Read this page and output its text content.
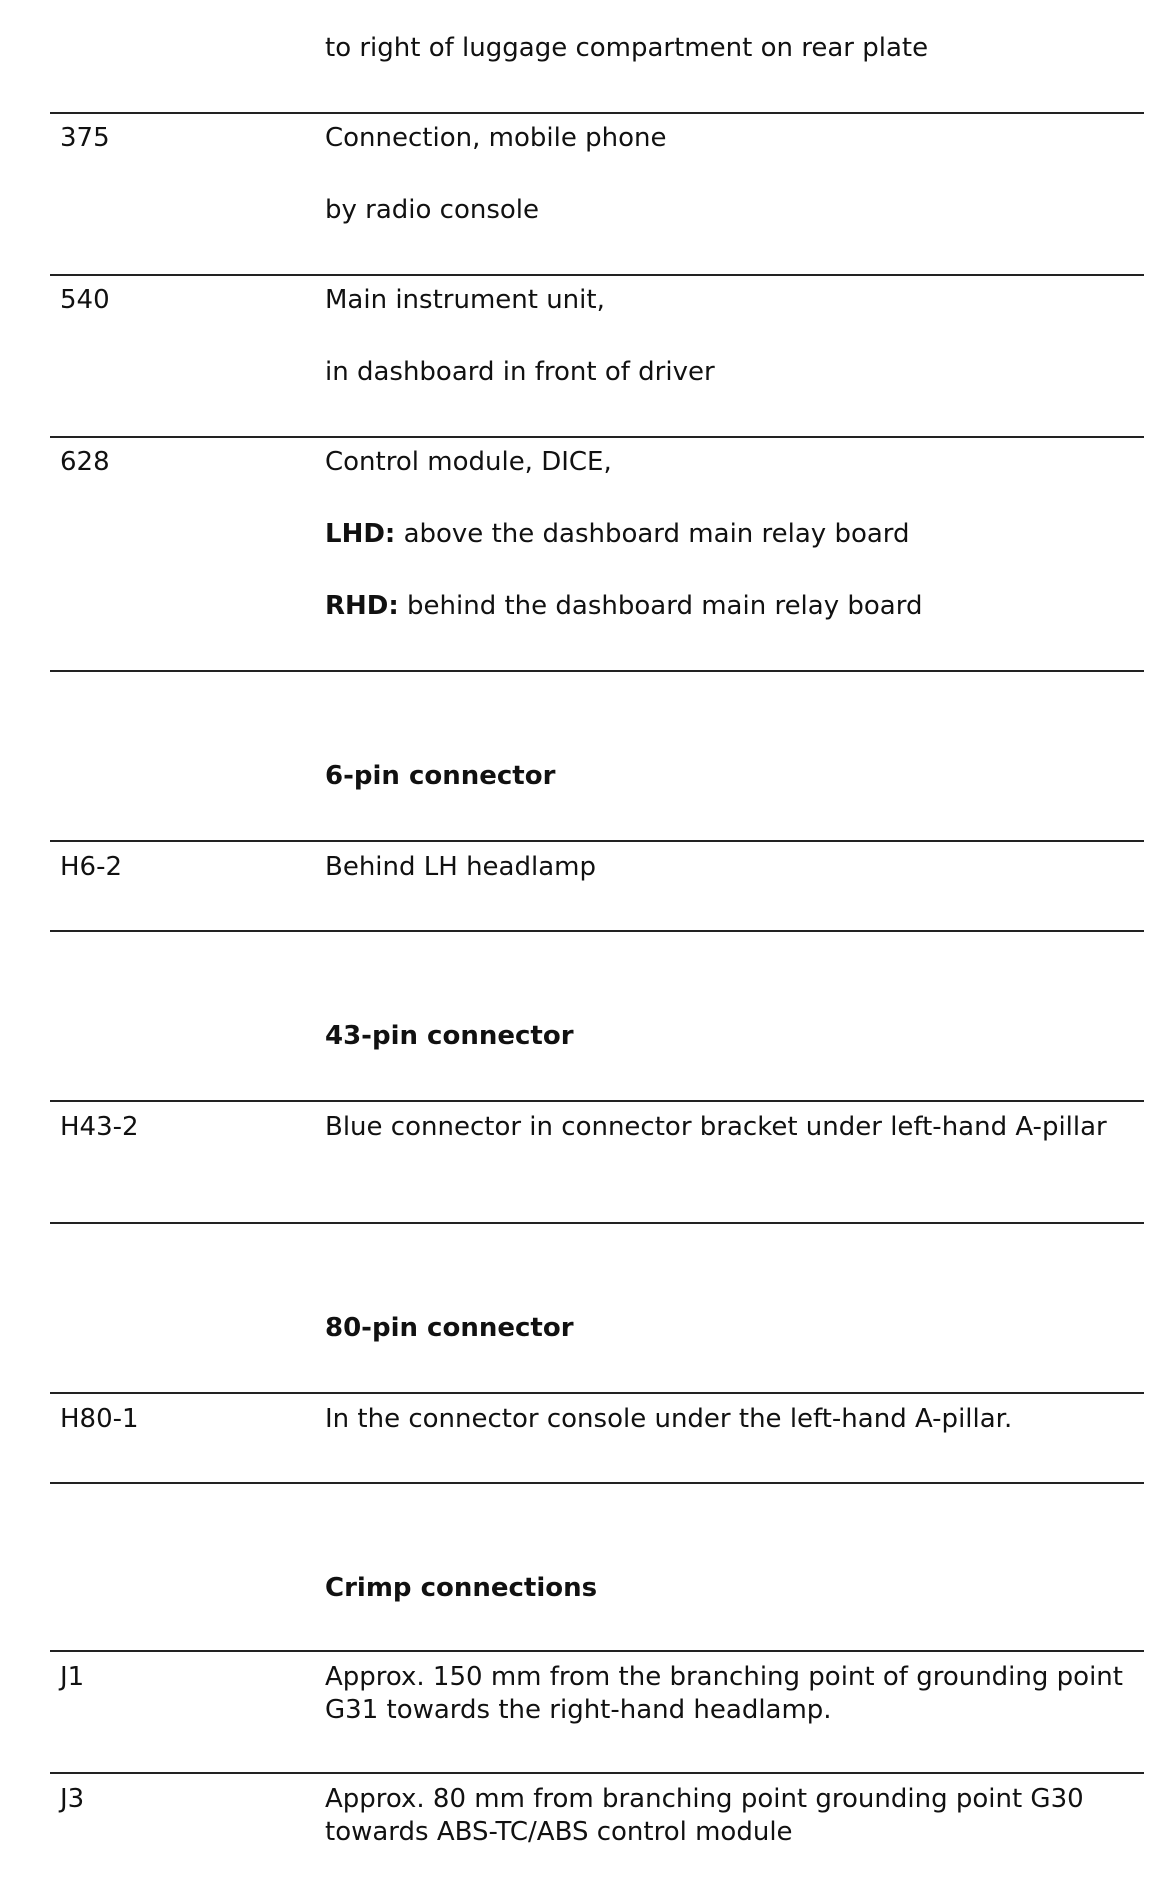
to right of luggage compartment on rear plate
375	Connection, mobile phone
by radio console
540	Main instrument unit,
in dashboard in front of driver
628	Control module, DICE,
LHD: above the dashboard main relay board
RHD: behind the dashboard main relay board
6-pin connector
H6-2	Behind LH headlamp
43-pin connector
H43-2	Blue connector in connector bracket under left-hand A-pillar
80-pin connector
H80-1	In the connector console under the left-hand A-pillar.
Crimp connections
J1	Approx. 150 mm from the branching point of grounding point G31 towards the right-hand headlamp.
J3	Approx. 80 mm from branching point grounding point G30 towards ABS-TC/ABS control module
